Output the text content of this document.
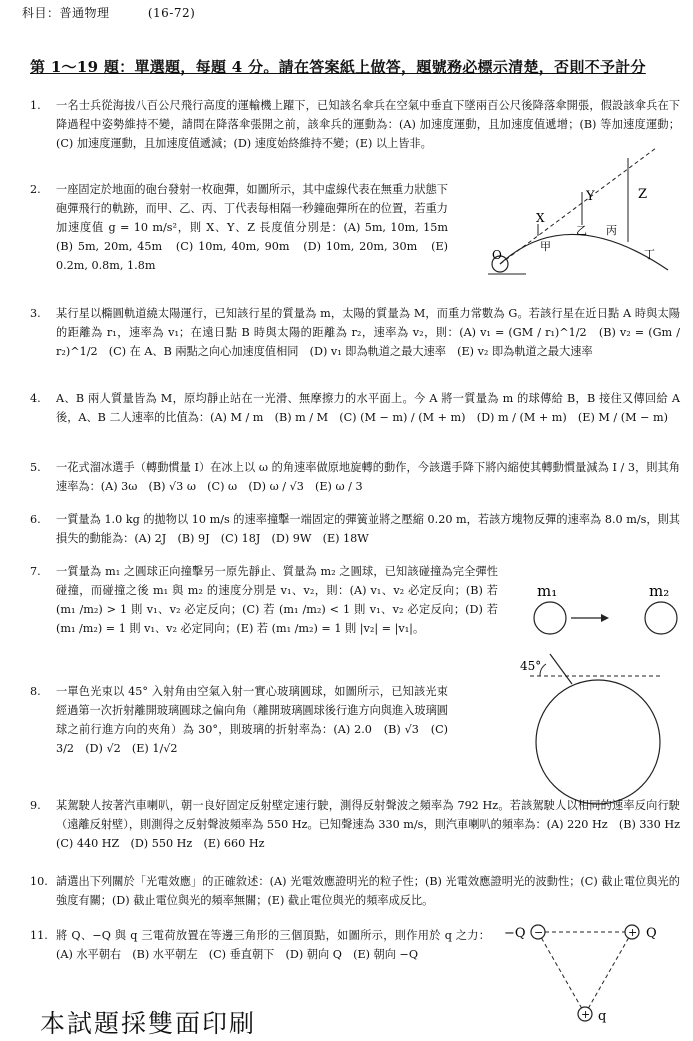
科目：普通物理	(16-72)
第 1～19 題：單選題，每題 4 分。請在答案紙上做答，題號務必標示清楚，否則不予計分
1. 一名士兵從海拔八百公尺飛行高度的運輸機上躍下，已知該名傘兵在空氣中垂直下墜兩百公尺後降落傘開張，假設該傘兵在下降過程中姿勢維持不變，請問在降落傘張開之前，該傘兵的運動為：(A) 加速度運動，且加速度值遞增；(B) 等加速度運動；(C) 加速度運動，且加速度值遞減；(D) 速度始終維持不變；(E) 以上皆非。
2. 一座固定於地面的砲台發射一枚砲彈，如圖所示，其中虛線代表在無重力狀態下砲彈飛行的軌跡，而甲、乙、丙、丁代表每相隔一秒鐘砲彈所在的位置，若重力加速度值 g = 10 m/s²，則 X、Y、Z 長度值分別是：(A) 5m, 10m, 15m　(B) 5m, 20m, 45m　(C) 10m, 40m, 90m　(D) 10m, 20m, 30m　(E) 0.2m, 0.8m, 1.8m
O
X
Y	Z
甲
乙 丙
丁
3. 某行星以橢圓軌道繞太陽運行，已知該行星的質量為 m，太陽的質量為 M，而重力常數為 G。若該行星在近日點 A 時與太陽的距離為 r₁，速率為 v₁；在遠日點 B 時與太陽的距離為 r₂，速率為 v₂，則：(A) v₁ = (GM / r₁)^1/2　(B) v₂ = (Gm / r₂)^1/2　(C) 在 A、B 兩點之向心加速度值相同　(D) v₁ 即為軌道之最大速率　(E) v₂ 即為軌道之最大速率
4. A、B 兩人質量皆為 M，原均靜止站在一光滑、無摩擦力的水平面上。今 A 將一質量為 m 的球傳給 B，B 接住又傳回給 A 後，A、B 二人速率的比值為：(A) M / m　(B) m / M　(C) (M − m) / (M + m)　(D) m / (M + m)　(E) M / (M − m)
5. 一花式溜冰選手（轉動慣量 I）在冰上以 ω 的角速率做原地旋轉的動作，今該選手降下將內縮使其轉動慣量減為 I / 3，則其角速率為：(A) 3ω　(B) √3 ω　(C) ω　(D) ω / √3　(E) ω / 3
6. 一質量為 1.0 kg 的拋物以 10 m/s 的速率撞擊一端固定的彈簧並將之壓縮 0.20 m，若該方塊物反彈的速率為 8.0 m/s，則其損失的動能為：(A) 2J　(B) 9J　(C) 18J　(D) 9W　(E) 18W
7. 一質量為 m₁ 之圓球正向撞擊另一原先靜止、質量為 m₂ 之圓球，已知該碰撞為完全彈性碰撞，而碰撞之後 m₁ 與 m₂ 的速度分別是 v₁、v₂，則：(A) v₁、v₂ 必定反向；(B) 若 (m₁ /m₂) > 1 則 v₁、v₂ 必定反向；(C) 若 (m₁ /m₂) < 1 則 v₁、v₂ 必定反向；(D) 若 (m₁ /m₂) = 1 則 v₁、v₂ 必定同向；(E) 若 (m₁ /m₂) = 1 則 |v₂| = |v₁|。
m₁	m₂
8. 一單色光束以 45° 入射角由空氣入射一實心玻璃圓球，如圖所示，已知該光束經過第一次折射離開玻璃圓球之偏向角（離開玻璃圓球後行進方向與進入玻璃圓球之前行進方向的夾角）為 30°，則玻璃的折射率為：(A) 2.0　(B) √3　(C) 3/2　(D) √2　(E) 1/√2
45°
9. 某駕駛人按著汽車喇叭，朝一良好固定反射壁定速行駛，測得反射聲波之頻率為 792 Hz。若該駕駛人以相同的速率反向行駛（遠離反射壁），則測得之反射聲波頻率為 550 Hz。已知聲速為 330 m/s，則汽車喇叭的頻率為：(A) 220 Hz　(B) 330 Hz　(C) 440 HZ　(D) 550 Hz　(E) 660 Hz
10. 請選出下列關於「光電效應」的正確敘述：(A) 光電效應證明光的粒子性；(B) 光電效應證明光的波動性；(C) 截止電位與光的強度有關；(D) 截止電位與光的頻率無關；(E) 截止電位與光的頻率成反比。
11. 將 Q、−Q 與 q 三電荷放置在等邊三角形的三個頂點，如圖所示，則作用於 q 之力：(A) 水平朝右　(B) 水平朝左　(C) 垂直朝下　(D) 朝向 Q　(E) 朝向 −Q
−	+
+
−Q	Q
q
本試題採雙面印刷
